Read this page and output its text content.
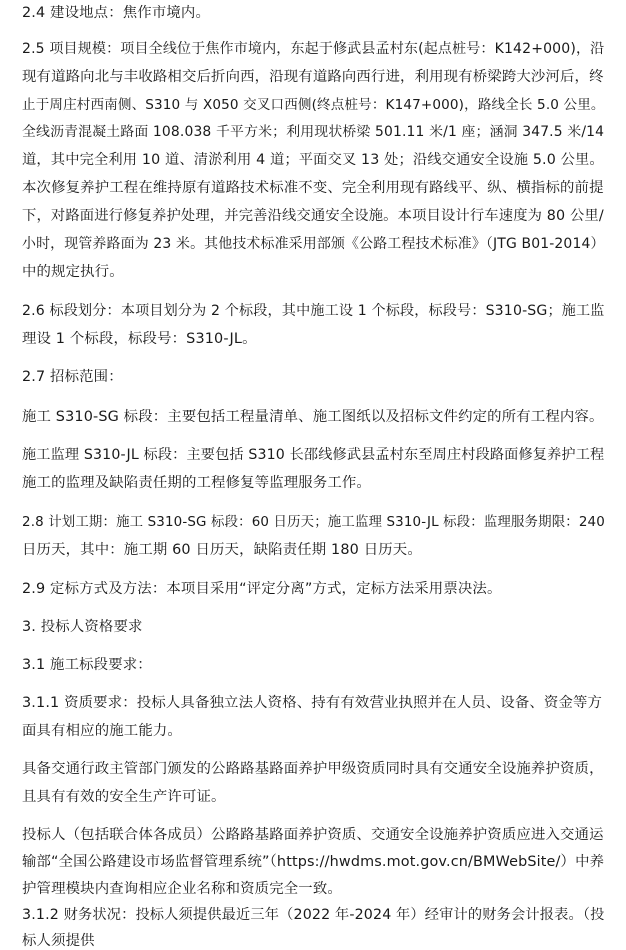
2.4 建设地点：焦作市境内。
2.5 项目规模：项目全线位于焦作市境内，东起于修武县孟村东(起点桩号：K142+000)，沿
现有道路向北与丰收路相交后折向西，沿现有道路向西行进，利用现有桥梁跨大沙河后，终
止于周庄村西南侧、S310 与 X050 交叉口西侧(终点桩号：K147+000)，路线全长 5.0 公里。
全线沥青混凝土路面 108.038 千平方米；利用现状桥梁 501.11 米/1 座；涵洞 347.5 米/14
道，其中完全利用 10 道、清淤利用 4 道；平面交叉 13 处；沿线交通安全设施 5.0 公里。
本次修复养护工程在维持原有道路技术标准不变、完全利用现有路线平、纵、横指标的前提
下，对路面进行修复养护处理，并完善沿线交通安全设施。本项目设计行车速度为 80 公里/
小时，现管养路面为 23 米。其他技术标准采用部颁《公路工程技术标准》（JTG B01-2014）
中的规定执行。
2.6 标段划分：本项目划分为 2 个标段，其中施工设 1 个标段，标段号：S310-SG；施工监
理设 1 个标段，标段号：S310-JL。
2.7 招标范围：
施工 S310-SG 标段：主要包括工程量清单、施工图纸以及招标文件约定的所有工程内容。
施工监理 S310-JL 标段：主要包括 S310 长邵线修武县孟村东至周庄村段路面修复养护工程
施工的监理及缺陷责任期的工程修复等监理服务工作。
2.8 计划工期：施工 S310-SG 标段：60 日历天；施工监理 S310-JL 标段：监理服务期限：240
日历天，其中：施工期 60 日历天，缺陷责任期 180 日历天。
2.9 定标方式及方法：本项目采用“评定分离”方式，定标方法采用票决法。
3. 投标人资格要求
3.1 施工标段要求：
3.1.1 资质要求：投标人具备独立法人资格、持有有效营业执照并在人员、设备、资金等方
面具有相应的施工能力。
具备交通行政主管部门颁发的公路路基路面养护甲级资质同时具有交通安全设施养护资质，
且具有有效的安全生产许可证。
投标人（包括联合体各成员）公路路基路面养护资质、交通安全设施养护资质应进入交通运
输部“全国公路建设市场监督管理系统”（https://hwdms.mot.gov.cn/BMWebSite/）中养
护管理模块内查询相应企业名称和资质完全一致。
3.1.2 财务状况：投标人须提供最近三年（2022 年-2024 年）经审计的财务会计报表。（投
标人须提供
